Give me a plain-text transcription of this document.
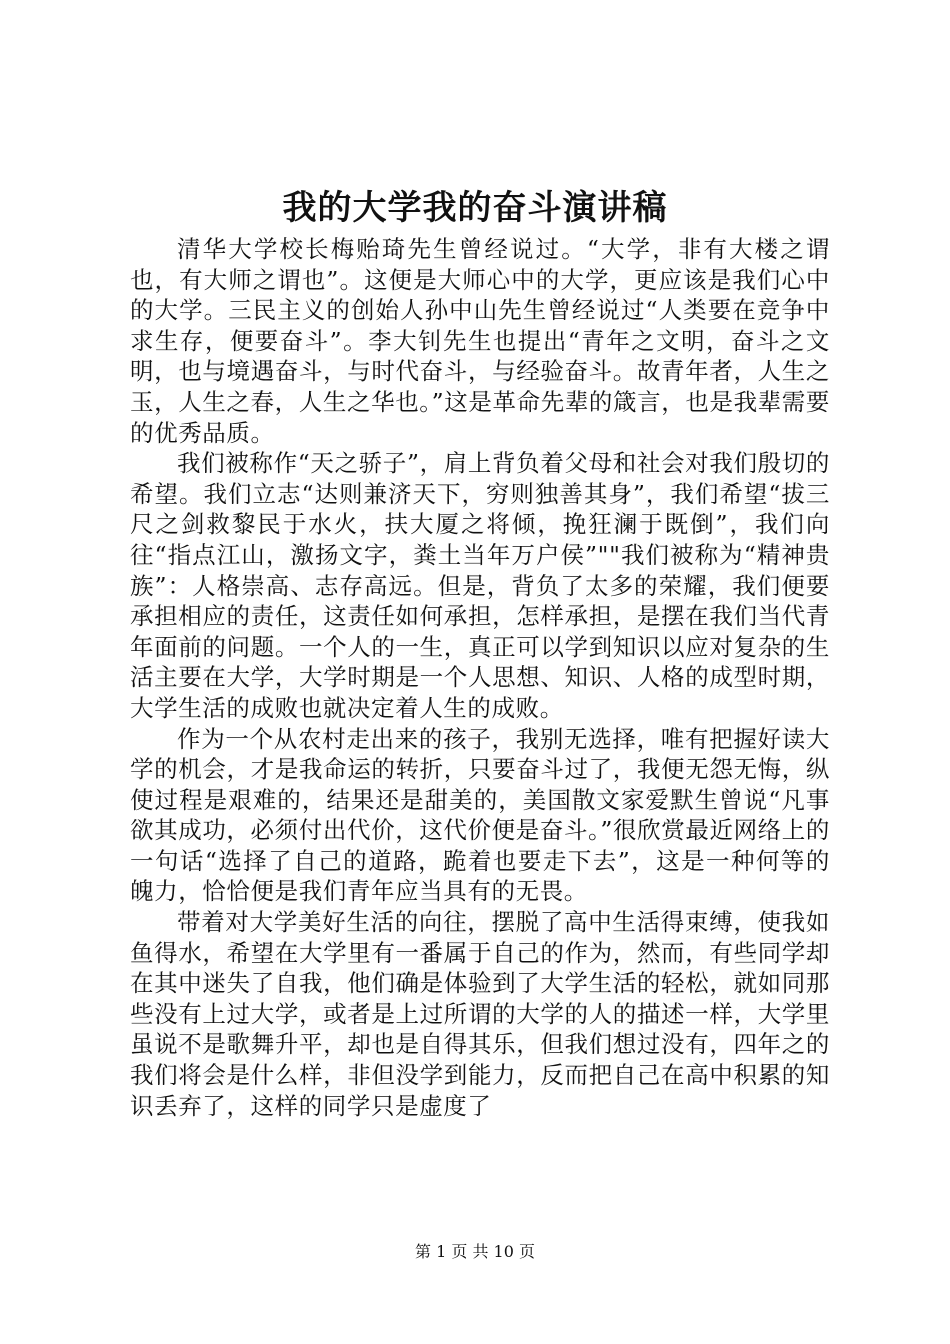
我的大学我的奋斗演讲稿

清华大学校长梅贻琦先生曾经说过。“大学，非有大楼之谓也，有大师之谓也”。这便是大师心中的大学，更应该是我们心中的大学。三民主义的创始人孙中山先生曾经说过“人类要在竞争中求生存，便要奋斗”。李大钊先生也提出“青年之文明，奋斗之文明，也与境遇奋斗，与时代奋斗，与经验奋斗。故青年者，人生之玉，人生之春，人生之华也。”这是革命先辈的箴言，也是我辈需要的优秀品质。

我们被称作“天之骄子”，肩上背负着父母和社会对我们殷切的希望。我们立志“达则兼济天下，穷则独善其身”，我们希望“拔三尺之剑救黎民于水火，扶大厦之将倾，挽狂澜于既倒”，我们向往“指点江山，激扬文字，粪土当年万户侯”""我们被称为“精神贵族”：人格崇高、志存高远。但是，背负了太多的荣耀，我们便要承担相应的责任，这责任如何承担，怎样承担，是摆在我们当代青年面前的问题。一个人的一生，真正可以学到知识以应对复杂的生活主要在大学，大学时期是一个人思想、知识、人格的成型时期，大学生活的成败也就决定着人生的成败。

作为一个从农村走出来的孩子，我别无选择，唯有把握好读大学的机会，才是我命运的转折，只要奋斗过了，我便无怨无悔，纵使过程是艰难的，结果还是甜美的，美国散文家爱默生曾说“凡事欲其成功，必须付出代价，这代价便是奋斗。”很欣赏最近网络上的一句话“选择了自己的道路，跪着也要走下去”，这是一种何等的魄力，恰恰便是我们青年应当具有的无畏。

带着对大学美好生活的向往，摆脱了高中生活得束缚，使我如鱼得水，希望在大学里有一番属于自己的作为，然而，有些同学却在其中迷失了自我，他们确是体验到了大学生活的轻松，就如同那些没有上过大学，或者是上过所谓的大学的人的描述一样，大学里虽说不是歌舞升平，却也是自得其乐，但我们想过没有，四年之的我们将会是什么样，非但没学到能力，反而把自己在高中积累的知识丢弃了，这样的同学只是虚度了

第 1 页 共 10 页
